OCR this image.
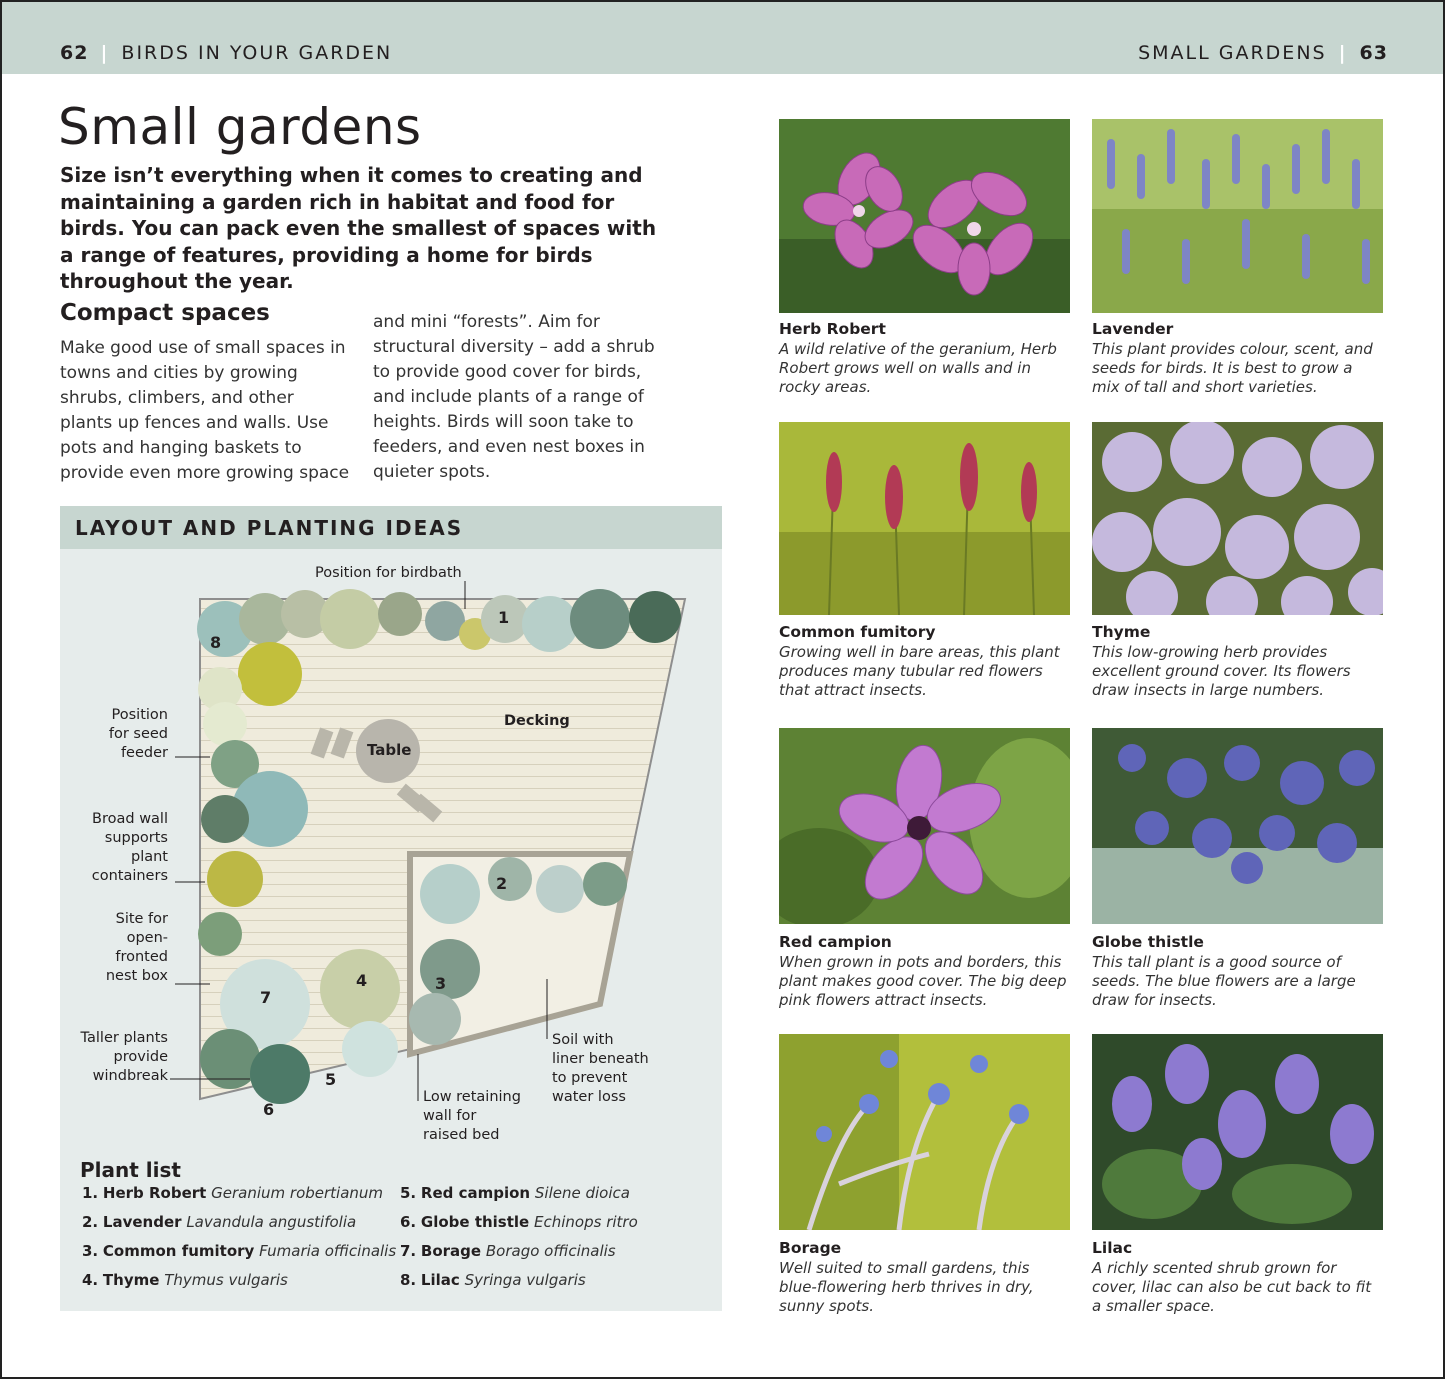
62 | BIRDS IN YOUR GARDEN	SMALL GARDENS | 63
Small gardens

Size isn’t everything when it comes to creating and maintaining a garden rich in habitat and food for birds. You can pack even the smallest of spaces with a range of features, providing a home for birds throughout the year.

Compact spaces

Make good use of small spaces in towns and cities by growing shrubs, climbers, and other plants up fences and walls. Use pots and hanging baskets to provide even more growing space

and mini “forests”. Aim for structural diversity – add a shrub to provide good cover for birds, and include plants of a range of heights. Birds will soon take to feeders, and even nest boxes in quieter spots.

LAYOUT AND PLANTING IDEAS
Position for birdbath
Decking
Table
Position
for seed
feeder
Broad wall
supports
plant
containers
Site for
open-
fronted
nest box
Taller plants
provide
windbreak
Low retaining
wall for
raised bed
Soil with
liner beneath
to prevent
water loss
1
2
3
4
5
6
7
8
Plant list
1. Herb Robert Geranium robertianum
2. Lavender Lavandula angustifolia
3. Common fumitory Fumaria officinalis
4. Thyme Thymus vulgaris
5. Red campion Silene dioica
6. Globe thistle Echinops ritro
7. Borage Borago officinalis
8. Lilac Syringa vulgaris
Herb Robert
A wild relative of the geranium, Herb Robert grows well on walls and in rocky areas.
Lavender
This plant provides colour, scent, and seeds for birds. It is best to grow a mix of tall and short varieties.
Common fumitory
Growing well in bare areas, this plant produces many tubular red flowers that attract insects.
Thyme
This low-growing herb provides excellent ground cover. Its flowers draw insects in large numbers.
Red campion
When grown in pots and borders, this plant makes good cover. The big deep pink flowers attract insects.
Globe thistle
This tall plant is a good source of seeds. The blue flowers are a large draw for insects.
Borage
Well suited to small gardens, this blue-flowering herb thrives in dry, sunny spots.
Lilac
A richly scented shrub grown for cover, lilac can also be cut back to fit a smaller space.
